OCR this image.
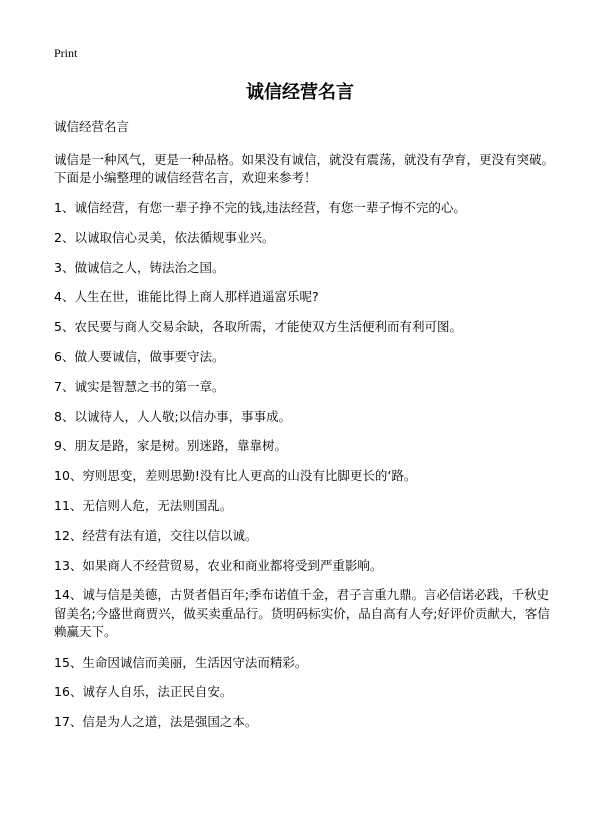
Print
诚信经营名言

诚信经营名言

诚信是一种风气，更是一种品格。如果没有诚信，就没有震荡，就没有孕育，更没有突破。下面是小编整理的诚信经营名言，欢迎来参考！

1、诚信经营，有您一辈子挣不完的钱,违法经营，有您一辈子悔不完的心。
2、以诚取信心灵美，依法循规事业兴。
3、做诚信之人，铸法治之国。
4、人生在世，谁能比得上商人那样逍遥富乐呢?
5、农民要与商人交易余缺，各取所需，才能使双方生活便利而有利可图。
6、做人要诚信，做事要守法。
7、诚实是智慧之书的第一章。
8、以诚待人，人人敬;以信办事，事事成。
9、朋友是路，家是树。别迷路，靠靠树。
10、穷则思变，差则思勤!没有比人更高的山没有比脚更长的‘路。
11、无信则人危，无法则国乱。
12、经营有法有道，交往以信以诚。
13、如果商人不经营贸易，农业和商业都将受到严重影响。
14、诚与信是美德，古贤者倡百年;季布诺值千金，君子言重九鼎。言必信诺必践，千秋史留美名;今盛世商贾兴，做买卖重品行。货明码标实价，品自高有人夸;好评价贡献大，客信赖赢天下。
15、生命因诚信而美丽，生活因守法而精彩。
16、诚存人自乐，法正民自安。
17、信是为人之道，法是强国之本。
